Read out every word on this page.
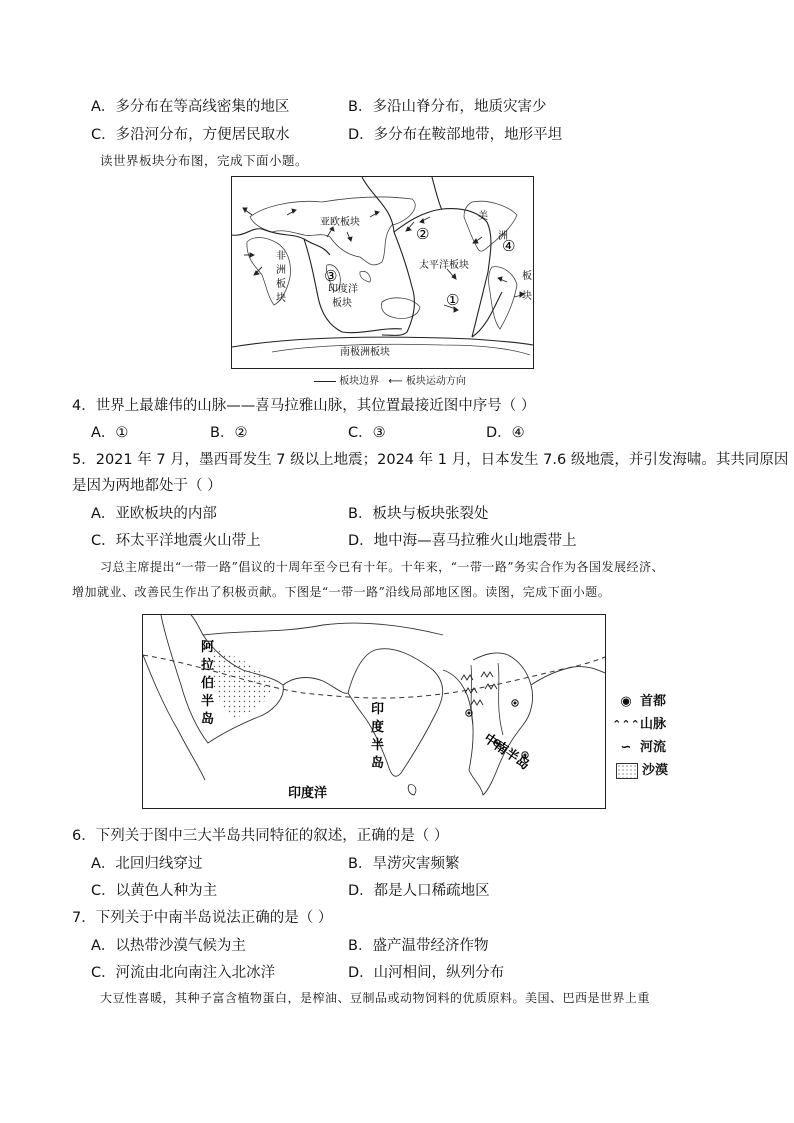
A．多分布在等高线密集的地区	B．多沿山脊分布，地质灾害少
C．多沿河分布，方便居民取水	D．多分布在鞍部地带，地形平坦
读世界板块分布图，完成下面小题。
亚欧板块
非
洲
板
块
印度洋
板块
太平洋板块
美
洲
板
块
南极洲板块
①
②
③
④
板块边界 ⟵ 板块运动方向
4．世界上最雄伟的山脉——喜马拉雅山脉，其位置最接近图中序号（ ）
A．①	B．②	C．③	D．④
5．2021 年 7 月，墨西哥发生 7 级以上地震；2024 年 1 月，日本发生 7.6 级地震，并引发海啸。其共同原因
是因为两地都处于（ ）
A．亚欧板块的内部	B．板块与板块张裂处
C．环太平洋地震火山带上	D．地中海—喜马拉雅火山地震带上
习总主席提出“一带一路”倡议的十周年至今已有十年。十年来，“一带一路”务实合作为各国发展经济、
增加就业、改善民生作出了积极贡献。下图是“一带一路”沿线局部地区图。读图，完成下面小题。
阿
拉
伯
半
岛
印
度
半
岛
印度洋
中南半岛
◉ 首都
⌃⌃⌃山脉
∽ 河流
沙漠
6．下列关于图中三大半岛共同特征的叙述，正确的是（ ）
A．北回归线穿过	B．旱涝灾害频繁
C．以黄色人种为主	D．都是人口稀疏地区
7．下列关于中南半岛说法正确的是（ ）
A．以热带沙漠气候为主	B．盛产温带经济作物
C．河流由北向南注入北冰洋	D．山河相间，纵列分布
大豆性喜暖，其种子富含植物蛋白，是榨油、豆制品或动物饲料的优质原料。美国、巴西是世界上重
